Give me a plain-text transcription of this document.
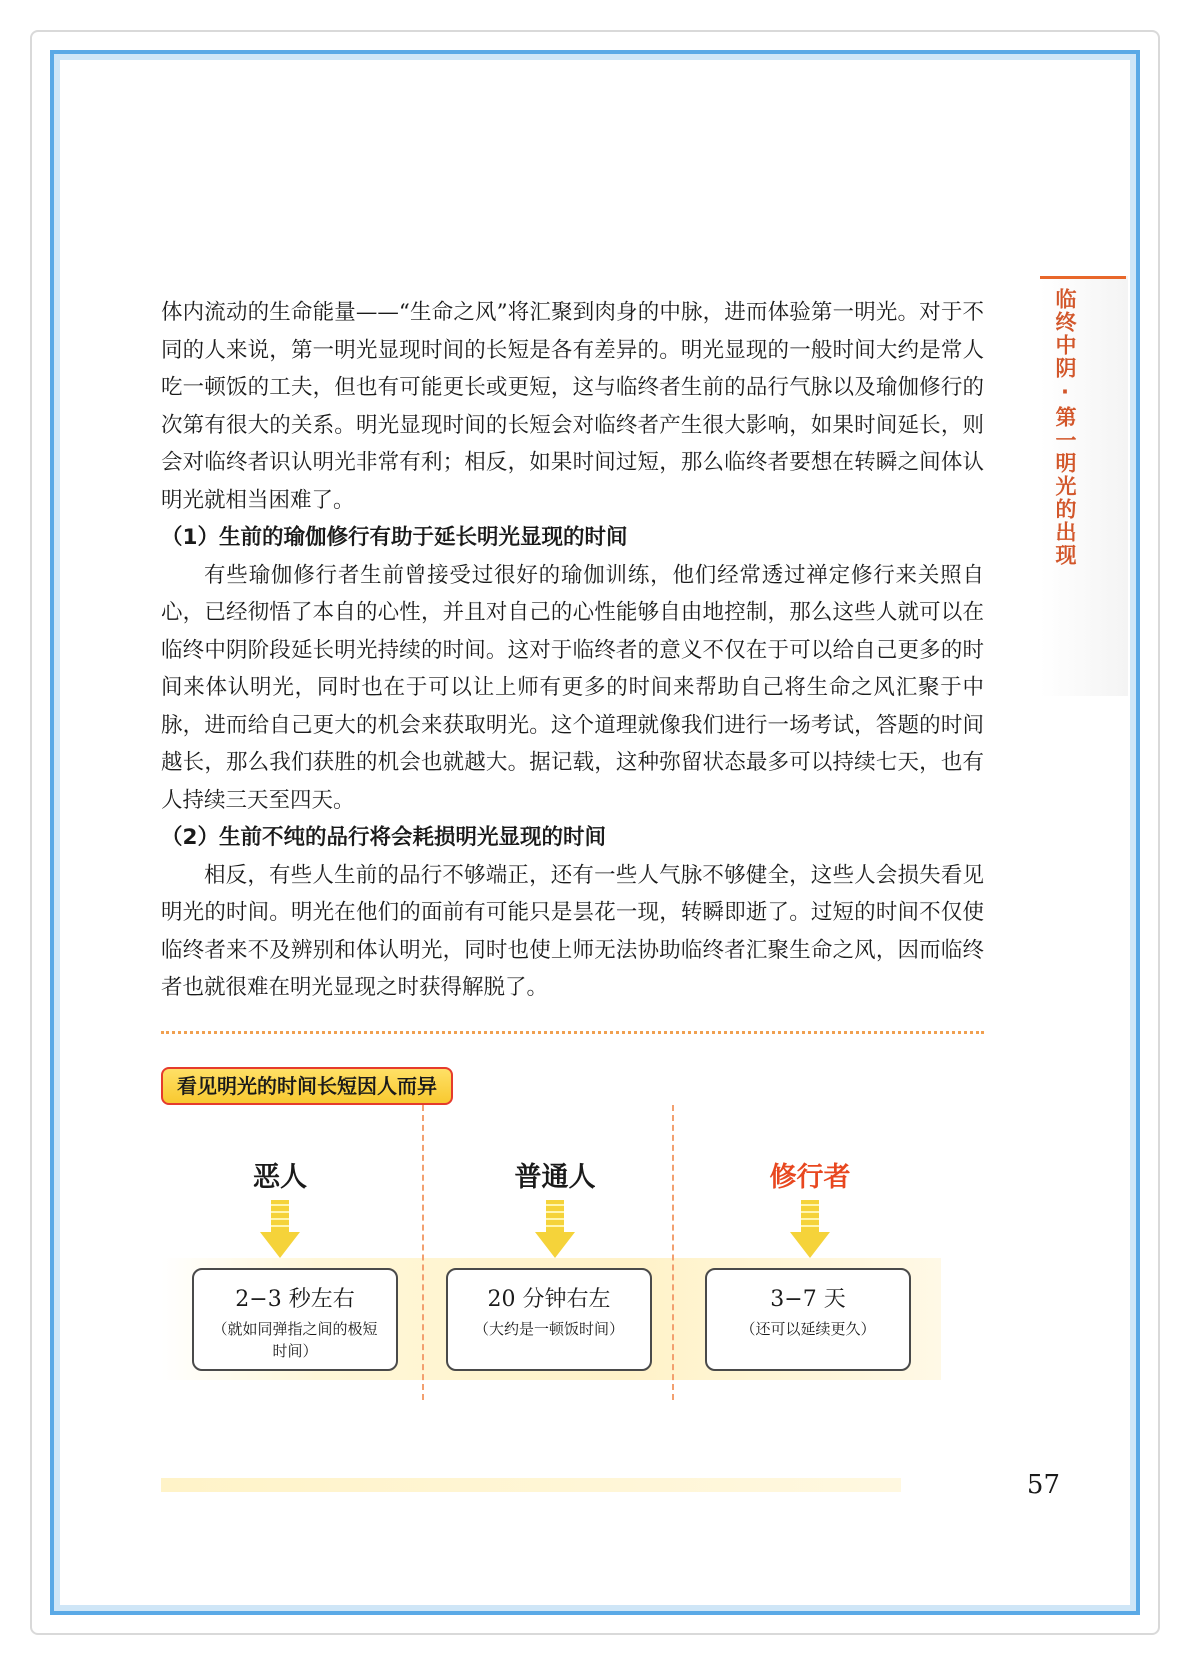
临终中阴·第一明光的出现

体内流动的生命能量——“生命之风”将汇聚到肉身的中脉，进而体验第一明光。对于不同的人来说，第一明光显现时间的长短是各有差异的。明光显现的一般时间大约是常人吃一顿饭的工夫，但也有可能更长或更短，这与临终者生前的品行气脉以及瑜伽修行的次第有很大的关系。明光显现时间的长短会对临终者产生很大影响，如果时间延长，则会对临终者识认明光非常有利；相反，如果时间过短，那么临终者要想在转瞬之间体认明光就相当困难了。

（1）生前的瑜伽修行有助于延长明光显现的时间

有些瑜伽修行者生前曾接受过很好的瑜伽训练，他们经常透过禅定修行来关照自心，已经彻悟了本自的心性，并且对自己的心性能够自由地控制，那么这些人就可以在临终中阴阶段延长明光持续的时间。这对于临终者的意义不仅在于可以给自己更多的时间来体认明光，同时也在于可以让上师有更多的时间来帮助自己将生命之风汇聚于中脉，进而给自己更大的机会来获取明光。这个道理就像我们进行一场考试，答题的时间越长，那么我们获胜的机会也就越大。据记载，这种弥留状态最多可以持续七天，也有人持续三天至四天。

（2）生前不纯的品行将会耗损明光显现的时间

相反，有些人生前的品行不够端正，还有一些人气脉不够健全，这些人会损失看见明光的时间。明光在他们的面前有可能只是昙花一现，转瞬即逝了。过短的时间不仅使临终者来不及辨别和体认明光，同时也使上师无法协助临终者汇聚生命之风，因而临终者也就很难在明光显现之时获得解脱了。

看见明光的时间长短因人而异
恶人
2−3 秒左右
（就如同弹指之间的极短时间）
普通人
20 分钟右左
（大约是一顿饭时间）
修行者
3−7 天
（还可以延续更久）
57
